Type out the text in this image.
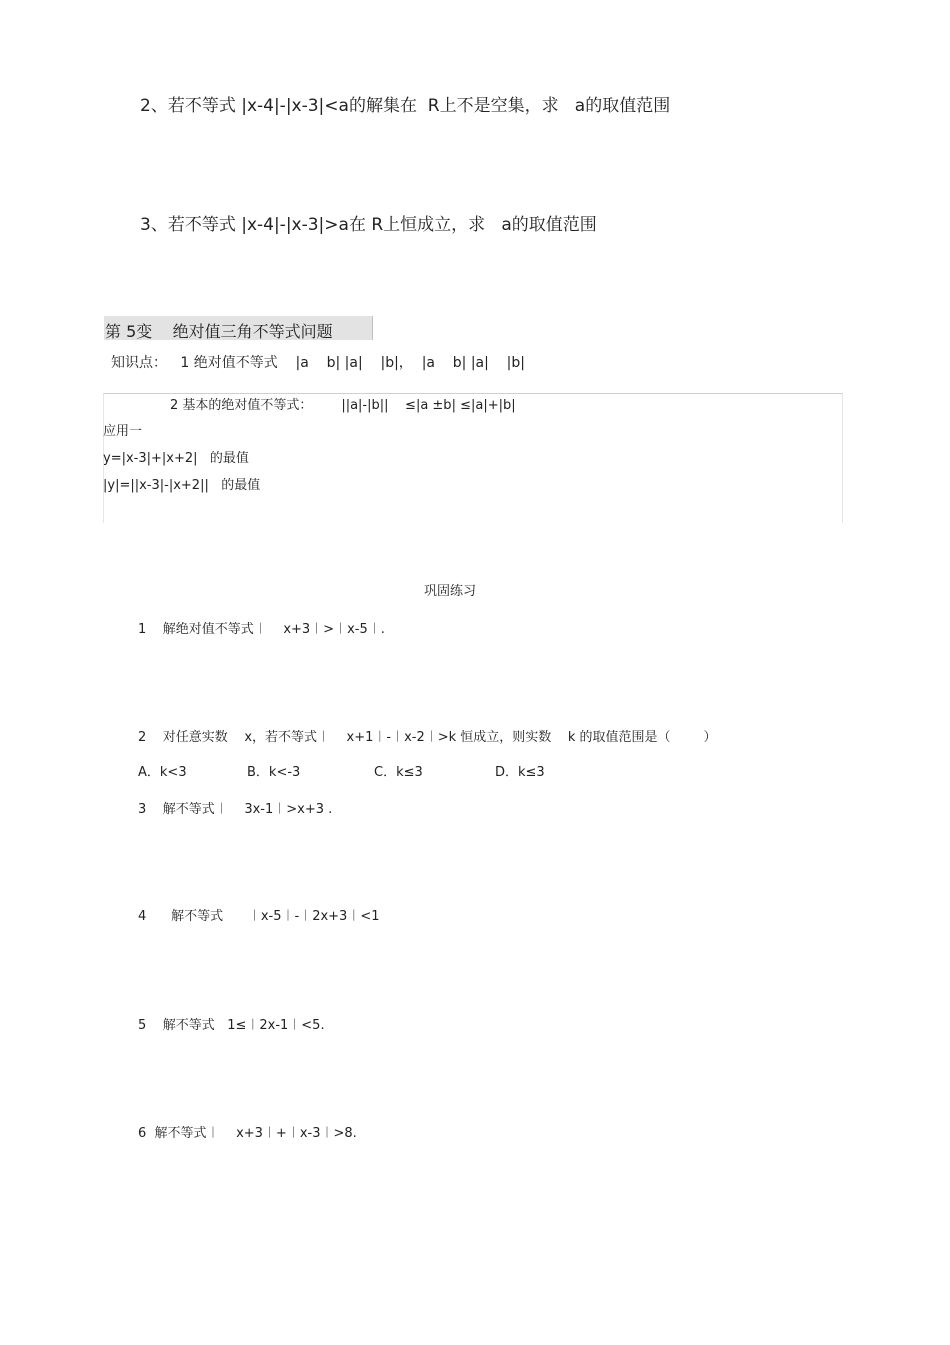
2、若不等式 |x-4|-|x-3|<a的解集在  R上不是空集，求   a的取值范围
3、若不等式 |x-4|-|x-3|>a在 R上恒成立，求   a的取值范围
第 5变    绝对值三角不等式问题
知识点：   1 绝对值不等式    |a    b| |a|    |b|，  |a    b| |a|    |b|
2 基本的绝对值不等式：       ||a|-|b||    ≤|a ±b| ≤|a|+|b|
应用一
y=|x-3|+|x+2|   的最值
|y|=||x-3|-|x+2||   的最值
巩固练习
1    解绝对值不等式︱    x+3︱>︱x-5︱.
2    对任意实数    x，若不等式︱    x+1︱-︱x-2︱>k 恒成立，则实数    k 的取值范围是（        ）
A．k<3	B．k<-3	C．k≤3	D．k≤3
3    解不等式︱    3x-1︱>x+3 .
4      解不等式      ︱x-5︱-︱2x+3︱<1
5    解不等式   1≤︱2x-1︱<5.
6  解不等式︱    x+3︱+︱x-3︱>8.
